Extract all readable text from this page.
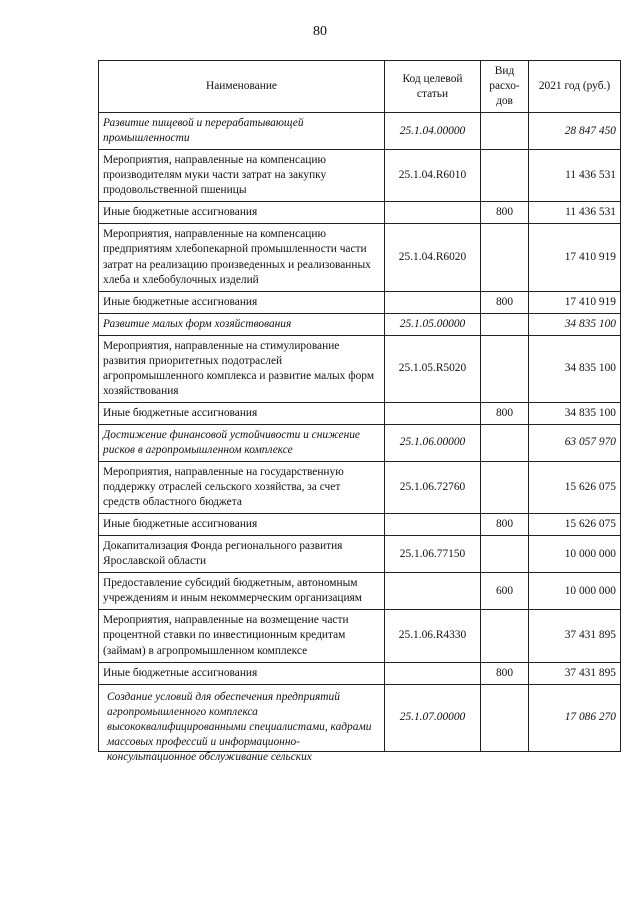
80
Наименование	Код целевой статьи	Вид расхо-дов	2021 год (руб.)
Развитие пищевой и перерабатывающей промышленности	25.1.04.00000		28 847 450
Мероприятия, направленные на компенсацию производителям муки части затрат на закупку продовольственной пшеницы	25.1.04.R6010		11 436 531
Иные бюджетные ассигнования		800	11 436 531
Мероприятия, направленные на компенсацию предприятиям хлебопекарной промышленности части затрат на реализацию произведенных и реализованных хлеба и хлебобулочных изделий	25.1.04.R6020		17 410 919
Иные бюджетные ассигнования		800	17 410 919
Развитие малых форм хозяйствования	25.1.05.00000		34 835 100
Мероприятия, направленные на стимулирование развития приоритетных подотраслей агропромышленного комплекса и развитие малых форм хозяйствования	25.1.05.R5020		34 835 100
Иные бюджетные ассигнования		800	34 835 100
Достижение финансовой устойчивости и снижение рисков в агропромышленном комплексе	25.1.06.00000		63 057 970
Мероприятия, направленные на государственную поддержку отраслей сельского хозяйства, за счет средств областного бюджета	25.1.06.72760		15 626 075
Иные бюджетные ассигнования		800	15 626 075
Докапитализация Фонда регионального развития Ярославской области	25.1.06.77150		10 000 000
Предоставление субсидий бюджетным, автономным учреждениям и иным некоммерческим организациям		600	10 000 000
Мероприятия, направленные на возмещение части процентной ставки по инвестиционным кредитам (займам) в агропромышленном комплексе	25.1.06.R4330		37 431 895
Иные бюджетные ассигнования		800	37 431 895

Создание условий для обеспечения предприятий агропромышленного комплекса высококвалифицированными специалистами, кадрами массовых профессий и информационно-консультационное обслуживание сельских	25.1.07.00000		17 086 270
